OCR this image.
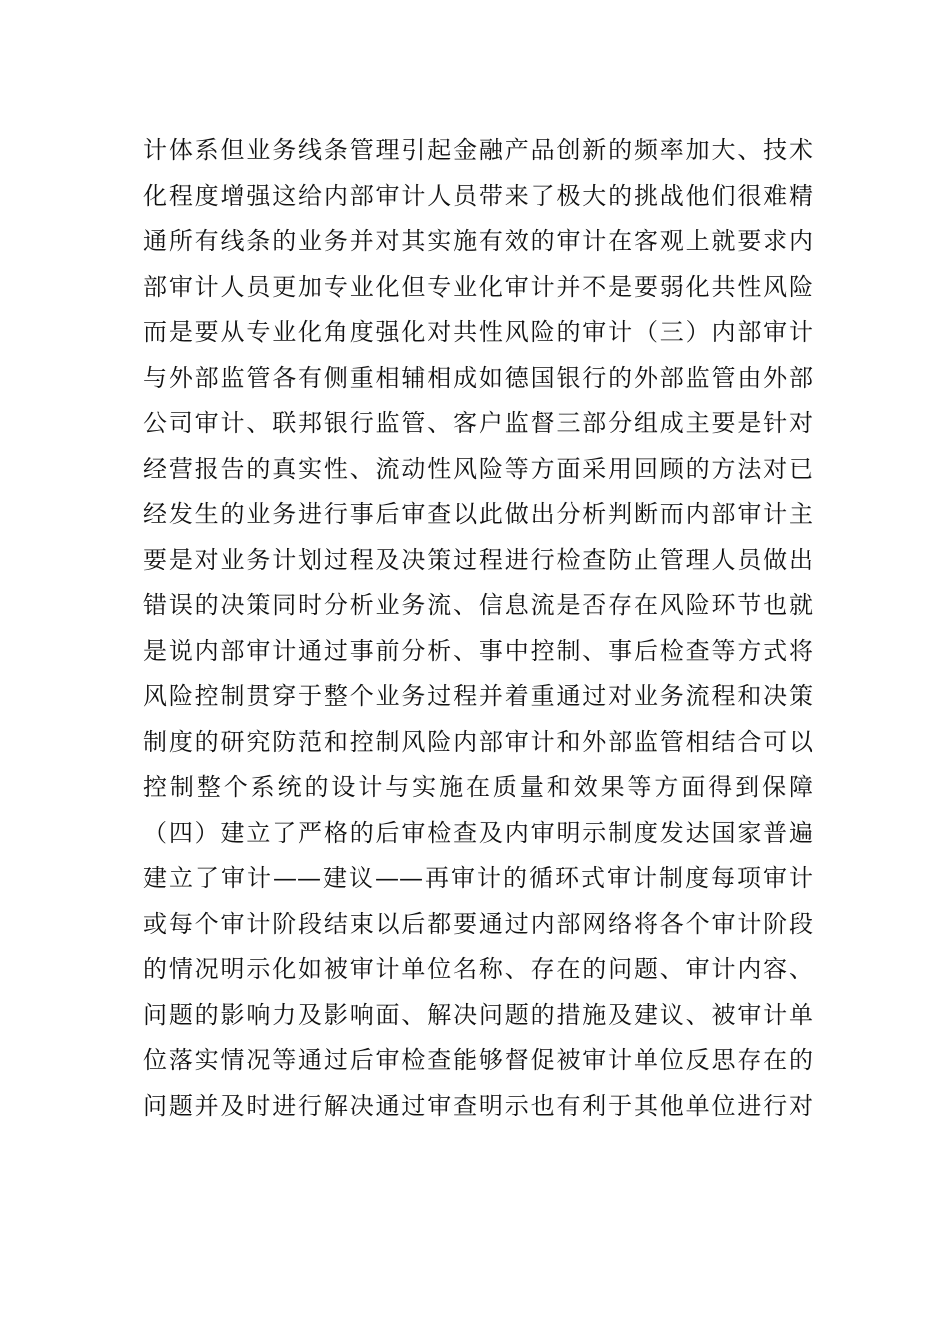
计体系但业务线条管理引起金融产品创新的频率加大、技术
化程度增强这给内部审计人员带来了极大的挑战他们很难精
通所有线条的业务并对其实施有效的审计在客观上就要求内
部审计人员更加专业化但专业化审计并不是要弱化共性风险
而是要从专业化角度强化对共性风险的审计（三）内部审计
与外部监管各有侧重相辅相成如德国银行的外部监管由外部
公司审计、联邦银行监管、客户监督三部分组成主要是针对
经营报告的真实性、流动性风险等方面采用回顾的方法对已
经发生的业务进行事后审查以此做出分析判断而内部审计主
要是对业务计划过程及决策过程进行检查防止管理人员做出
错误的决策同时分析业务流、信息流是否存在风险环节也就
是说内部审计通过事前分析、事中控制、事后检查等方式将
风险控制贯穿于整个业务过程并着重通过对业务流程和决策
制度的研究防范和控制风险内部审计和外部监管相结合可以
控制整个系统的设计与实施在质量和效果等方面得到保障
（四）建立了严格的后审检查及内审明示制度发达国家普遍
建立了审计——建议——再审计的循环式审计制度每项审计
或每个审计阶段结束以后都要通过内部网络将各个审计阶段
的情况明示化如被审计单位名称、存在的问题、审计内容、
问题的影响力及影响面、解决问题的措施及建议、被审计单
位落实情况等通过后审检查能够督促被审计单位反思存在的
问题并及时进行解决通过审查明示也有利于其他单位进行对
